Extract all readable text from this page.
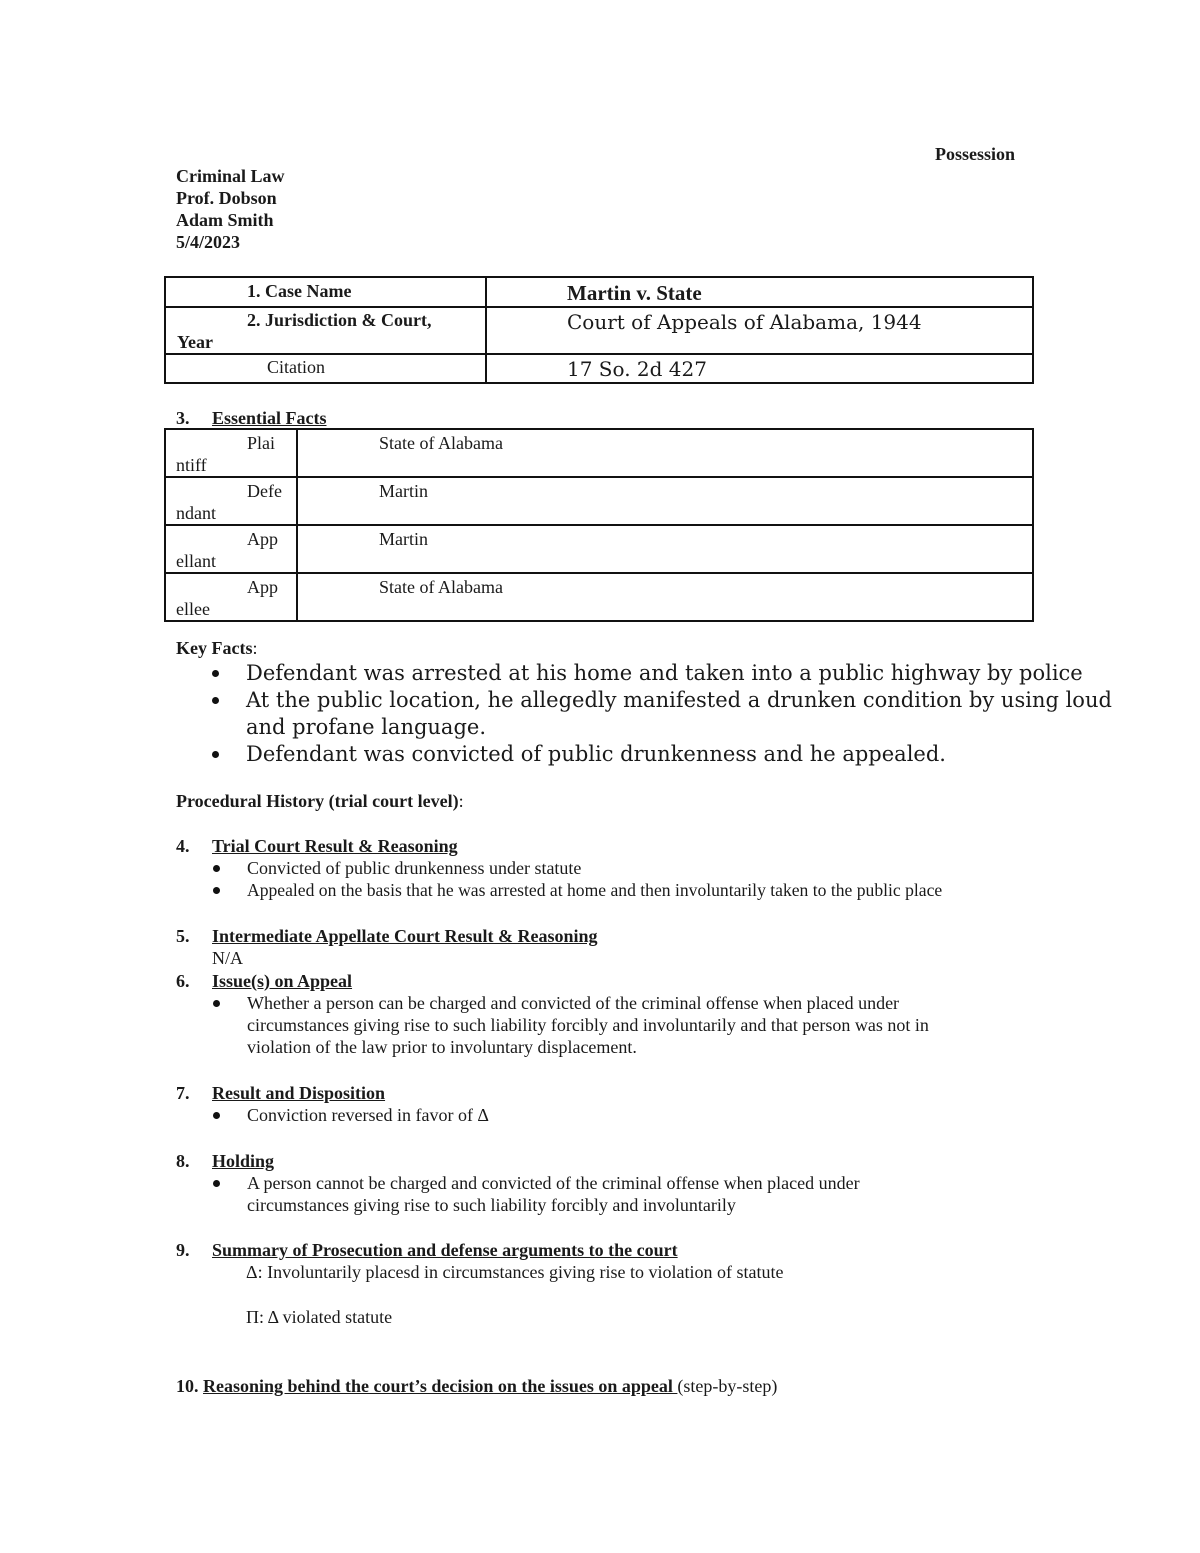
Possession
Criminal Law
Prof. Dobson
Adam Smith
5/4/2023
1. Case Name	Martin v. State

2. Jurisdiction & Court,
Year	Court of Appeals of Alabama, 1944

Citation	17 So. 2d 427
3. Essential Facts
Plai
ntiff	State of Alabama

Defe
ndant	Martin

App
ellant	Martin

App
ellee	State of Alabama
Key Facts:
Defendant was arrested at his home and taken into a public highway by police
At the public location, he allegedly manifested a drunken condition by using loud
and profane language.
Defendant was convicted of public drunkenness and he appealed.
Procedural History (trial court level):
4. Trial Court Result & Reasoning
Convicted of public drunkenness under statute
Appealed on the basis that he was arrested at home and then involuntarily taken to the public place
5. Intermediate Appellate Court Result & Reasoning
N/A
6. Issue(s) on Appeal
Whether a person can be charged and convicted of the criminal offense when placed under
circumstances giving rise to such liability forcibly and involuntarily and that person was not in
violation of the law prior to involuntary displacement.
7. Result and Disposition
Conviction reversed in favor of Δ
8. Holding
A person cannot be charged and convicted of the criminal offense when placed under
circumstances giving rise to such liability forcibly and involuntarily
9. Summary of Prosecution and defense arguments to the court
Δ: Involuntarily placesd in circumstances giving rise to violation of statute
Π: Δ violated statute
10. Reasoning behind the court’s decision on the issues on appeal (step-by-step)
